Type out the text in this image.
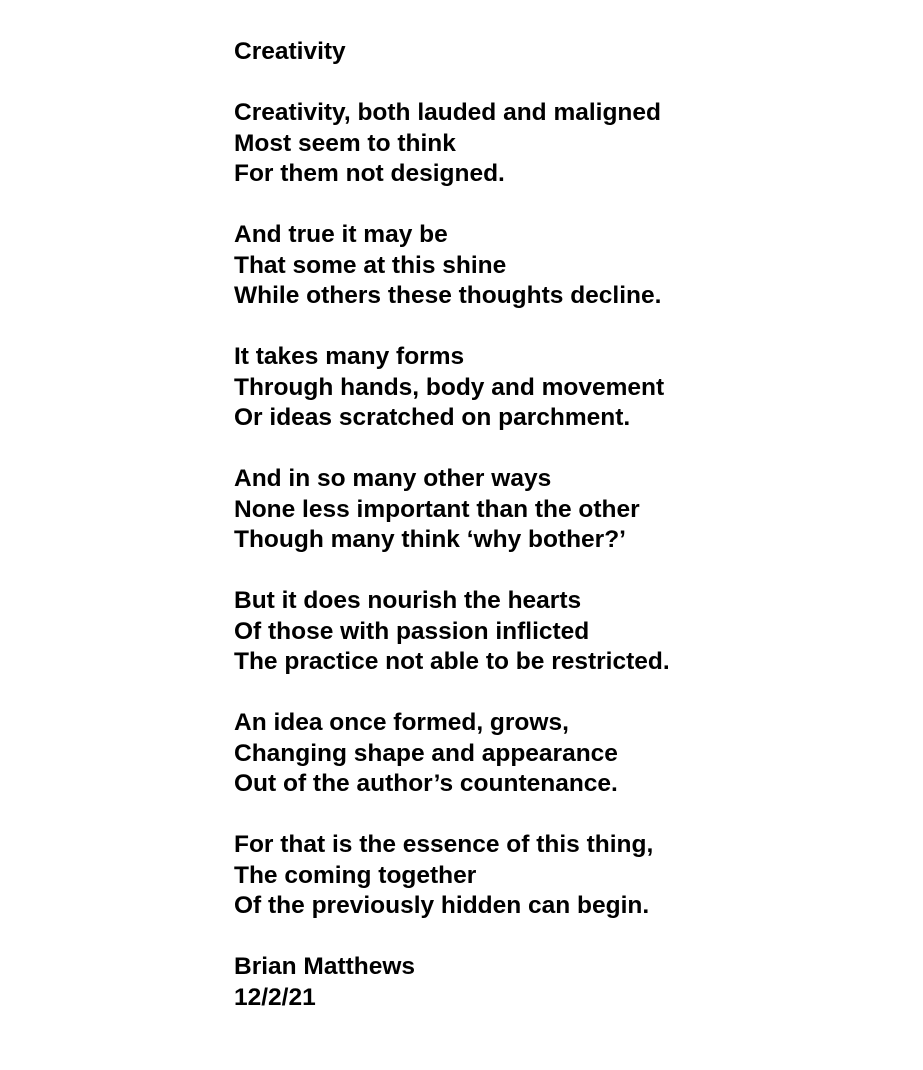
Creativity
Creativity, both lauded and maligned
Most seem to think
For them not designed.
And true it may be
That some at this shine
While others these thoughts decline.
It takes many forms
Through hands, body and movement
Or ideas scratched on parchment.
And in so many other ways
None less important than the other
Though many think ‘why bother?’
But it does nourish the hearts
Of those with passion inflicted
The practice not able to be restricted.
An idea once formed, grows,
Changing shape and appearance
Out of the author’s countenance.
For that is the essence of this thing,
The coming together
Of the previously hidden can begin.
Brian Matthews
12/2/21
